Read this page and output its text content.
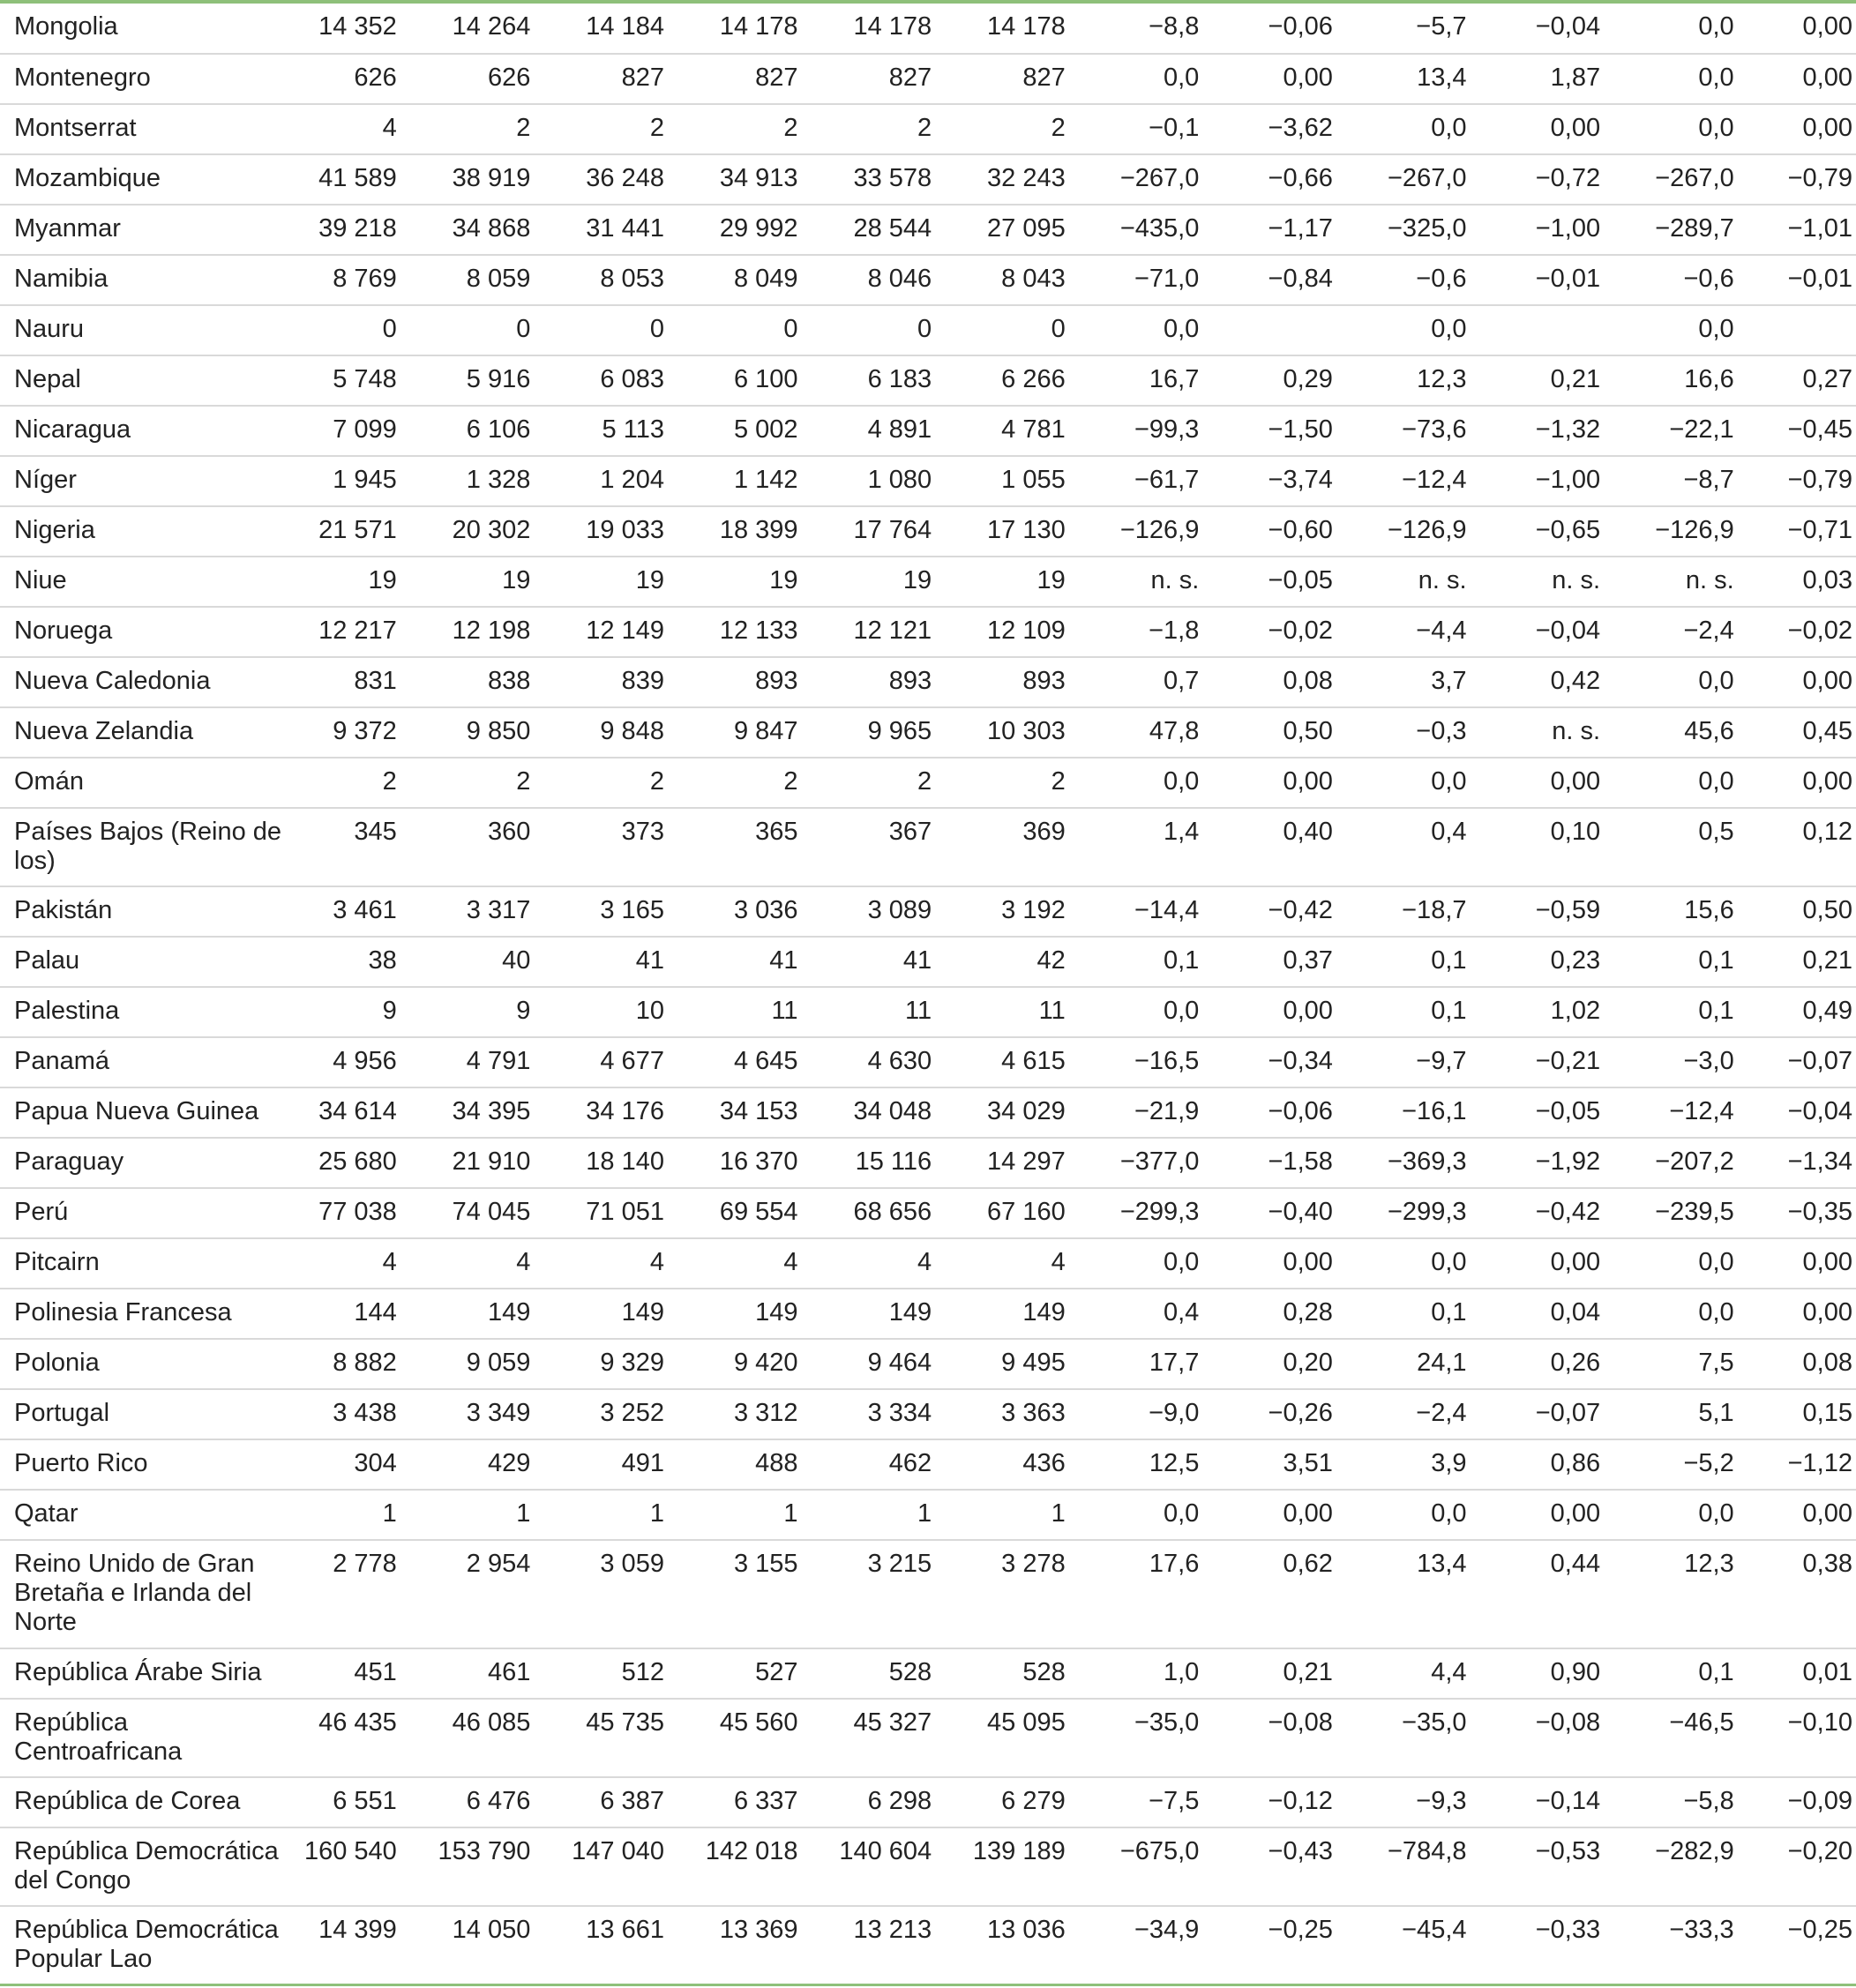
Mongolia	14 352	14 264	14 184	14 178	14 178	14 178	−8,8	−0,06	−5,7	−0,04	0,0	0,00
Montenegro	626	626	827	827	827	827	0,0	0,00	13,4	1,87	0,0	0,00
Montserrat	4	2	2	2	2	2	−0,1	−3,62	0,0	0,00	0,0	0,00
Mozambique	41 589	38 919	36 248	34 913	33 578	32 243	−267,0	−0,66	−267,0	−0,72	−267,0	−0,79
Myanmar	39 218	34 868	31 441	29 992	28 544	27 095	−435,0	−1,17	−325,0	−1,00	−289,7	−1,01
Namibia	8 769	8 059	8 053	8 049	8 046	8 043	−71,0	−0,84	−0,6	−0,01	−0,6	−0,01
Nauru	0	0	0	0	0	0	0,0		0,0		0,0	
Nepal	5 748	5 916	6 083	6 100	6 183	6 266	16,7	0,29	12,3	0,21	16,6	0,27
Nicaragua	7 099	6 106	5 113	5 002	4 891	4 781	−99,3	−1,50	−73,6	−1,32	−22,1	−0,45
Níger	1 945	1 328	1 204	1 142	1 080	1 055	−61,7	−3,74	−12,4	−1,00	−8,7	−0,79
Nigeria	21 571	20 302	19 033	18 399	17 764	17 130	−126,9	−0,60	−126,9	−0,65	−126,9	−0,71
Niue	19	19	19	19	19	19	n. s.	−0,05	n. s.	n. s.	n. s.	0,03
Noruega	12 217	12 198	12 149	12 133	12 121	12 109	−1,8	−0,02	−4,4	−0,04	−2,4	−0,02
Nueva Caledonia	831	838	839	893	893	893	0,7	0,08	3,7	0,42	0,0	0,00
Nueva Zelandia	9 372	9 850	9 848	9 847	9 965	10 303	47,8	0,50	−0,3	n. s.	45,6	0,45
Omán	2	2	2	2	2	2	0,0	0,00	0,0	0,00	0,0	0,00
Países Bajos (Reino de los)	345	360	373	365	367	369	1,4	0,40	0,4	0,10	0,5	0,12
Pakistán	3 461	3 317	3 165	3 036	3 089	3 192	−14,4	−0,42	−18,7	−0,59	15,6	0,50
Palau	38	40	41	41	41	42	0,1	0,37	0,1	0,23	0,1	0,21
Palestina	9	9	10	11	11	11	0,0	0,00	0,1	1,02	0,1	0,49
Panamá	4 956	4 791	4 677	4 645	4 630	4 615	−16,5	−0,34	−9,7	−0,21	−3,0	−0,07
Papua Nueva Guinea	34 614	34 395	34 176	34 153	34 048	34 029	−21,9	−0,06	−16,1	−0,05	−12,4	−0,04
Paraguay	25 680	21 910	18 140	16 370	15 116	14 297	−377,0	−1,58	−369,3	−1,92	−207,2	−1,34
Perú	77 038	74 045	71 051	69 554	68 656	67 160	−299,3	−0,40	−299,3	−0,42	−239,5	−0,35
Pitcairn	4	4	4	4	4	4	0,0	0,00	0,0	0,00	0,0	0,00
Polinesia Francesa	144	149	149	149	149	149	0,4	0,28	0,1	0,04	0,0	0,00
Polonia	8 882	9 059	9 329	9 420	9 464	9 495	17,7	0,20	24,1	0,26	7,5	0,08
Portugal	3 438	3 349	3 252	3 312	3 334	3 363	−9,0	−0,26	−2,4	−0,07	5,1	0,15
Puerto Rico	304	429	491	488	462	436	12,5	3,51	3,9	0,86	−5,2	−1,12
Qatar	1	1	1	1	1	1	0,0	0,00	0,0	0,00	0,0	0,00
Reino Unido de Gran Bretaña e Irlanda del Norte	2 778	2 954	3 059	3 155	3 215	3 278	17,6	0,62	13,4	0,44	12,3	0,38
República Árabe Siria	451	461	512	527	528	528	1,0	0,21	4,4	0,90	0,1	0,01
República Centroafricana	46 435	46 085	45 735	45 560	45 327	45 095	−35,0	−0,08	−35,0	−0,08	−46,5	−0,10
República de Corea	6 551	6 476	6 387	6 337	6 298	6 279	−7,5	−0,12	−9,3	−0,14	−5,8	−0,09
República Democrática del Congo	160 540	153 790	147 040	142 018	140 604	139 189	−675,0	−0,43	−784,8	−0,53	−282,9	−0,20
República Democrática Popular Lao	14 399	14 050	13 661	13 369	13 213	13 036	−34,9	−0,25	−45,4	−0,33	−33,3	−0,25
